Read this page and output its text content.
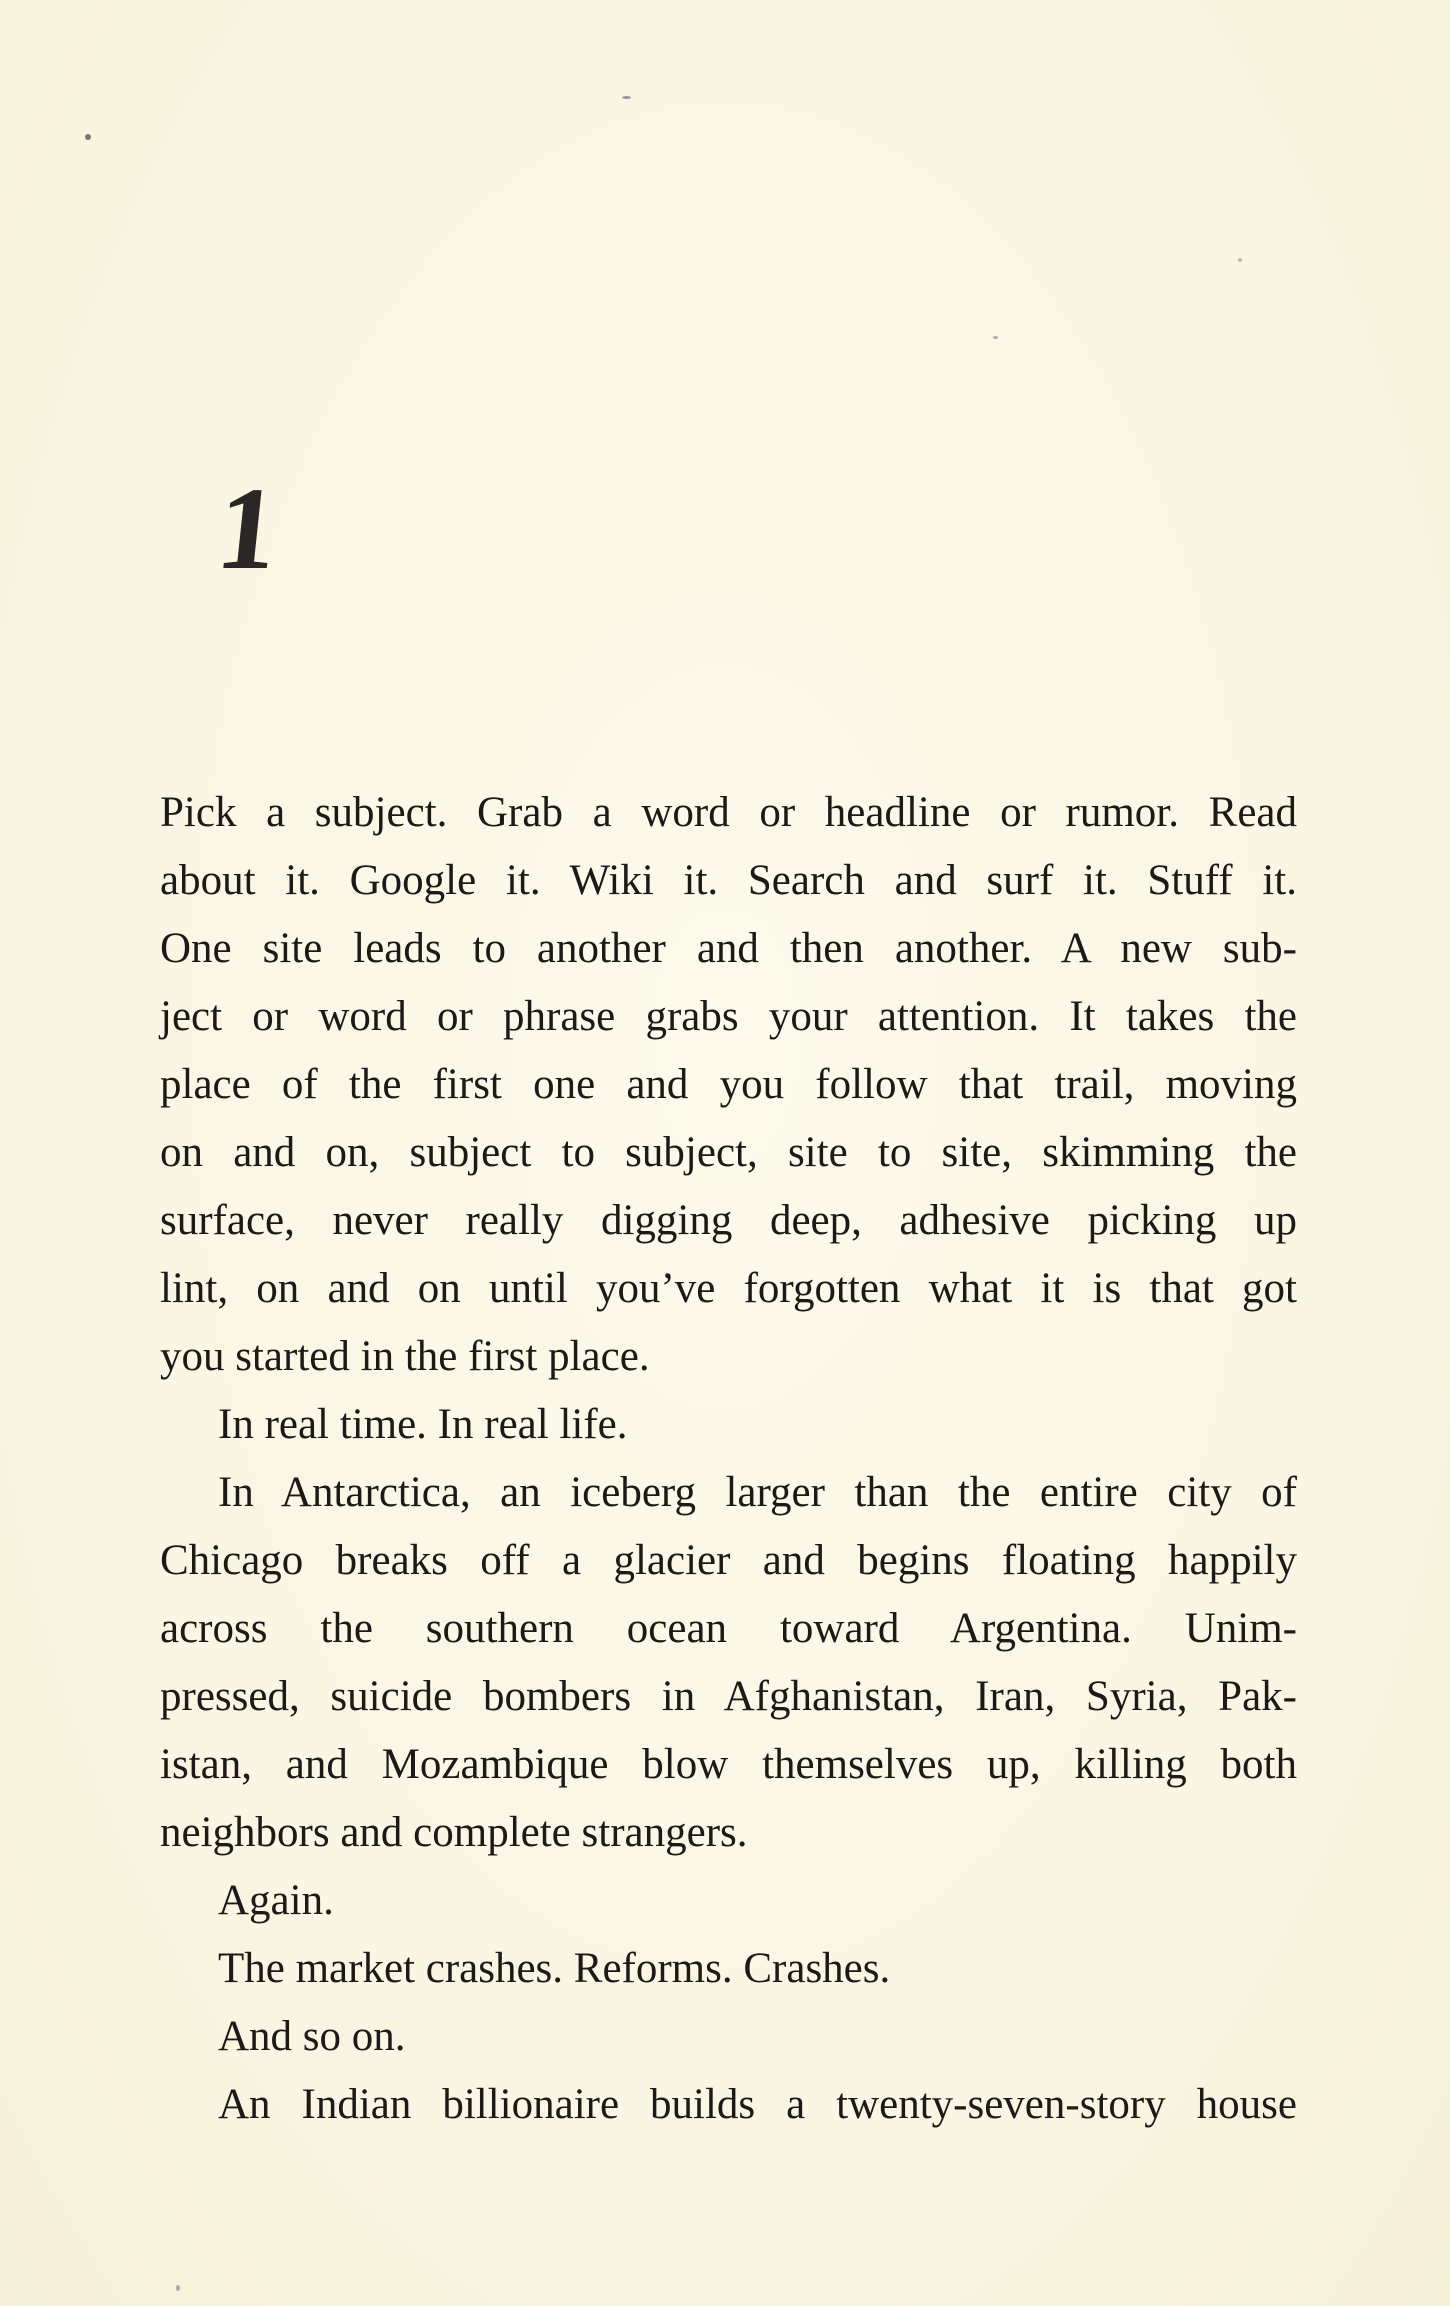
1
Pick a subject. Grab a word or headline or rumor. Read
about it. Google it. Wiki it. Search and surf it. Stuff it.
One site leads to another and then another. A new sub-
ject or word or phrase grabs your attention. It takes the
place of the first one and you follow that trail, moving
on and on, subject to subject, site to site, skimming the
surface, never really digging deep, adhesive picking up
lint, on and on until you’ve forgotten what it is that got
you started in the first place.
In real time. In real life.
In Antarctica, an iceberg larger than the entire city of
Chicago breaks off a glacier and begins floating happily
across the southern ocean toward Argentina. Unim-
pressed, suicide bombers in Afghanistan, Iran, Syria, Pak-
istan, and Mozambique blow themselves up, killing both
neighbors and complete strangers.
Again.
The market crashes. Reforms. Crashes.
And so on.
An Indian billionaire builds a twenty-seven-story house
